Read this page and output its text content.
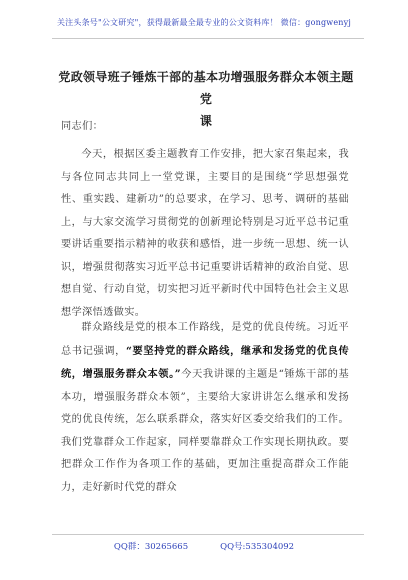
关注头条号"公文研究"，获得最新最全最专业的公文资料库！ 微信：gongwenyj
党政领导班子锤炼干部的基本功增强服务群众本领主题党
课
同志们：

今天，根据区委主题教育工作安排，把大家召集起来，我与各位同志共同上一堂党课，主要目的是围绕“学思想强党性、重实践、建新功”的总要求，在学习、思考、调研的基础上，与大家交流学习贯彻党的创新理论特别是习近平总书记重要讲话重要指示精神的收获和感悟，进一步统一思想、统一认识，增强贯彻落实习近平总书记重要讲话精神的政治自觉、思想自觉、行动自觉，切实把习近平新时代中国特色社会主义思想学深悟透做实。

群众路线是党的根本工作路线，是党的优良传统。习近平总书记强调，“要坚持党的群众路线，继承和发扬党的优良传统，增强服务群众本领。”今天我讲课的主题是“锤炼干部的基本功，增强服务群众本领”，主要给大家讲讲怎么继承和发扬党的优良传统，怎么联系群众，落实好区委交给我们的工作。我们党靠群众工作起家，同样要靠群众工作实现长期执政。要把群众工作作为各项工作的基础，更加注重提高群众工作能力，走好新时代党的群众

QQ群：30265665	QQ号:535304092
